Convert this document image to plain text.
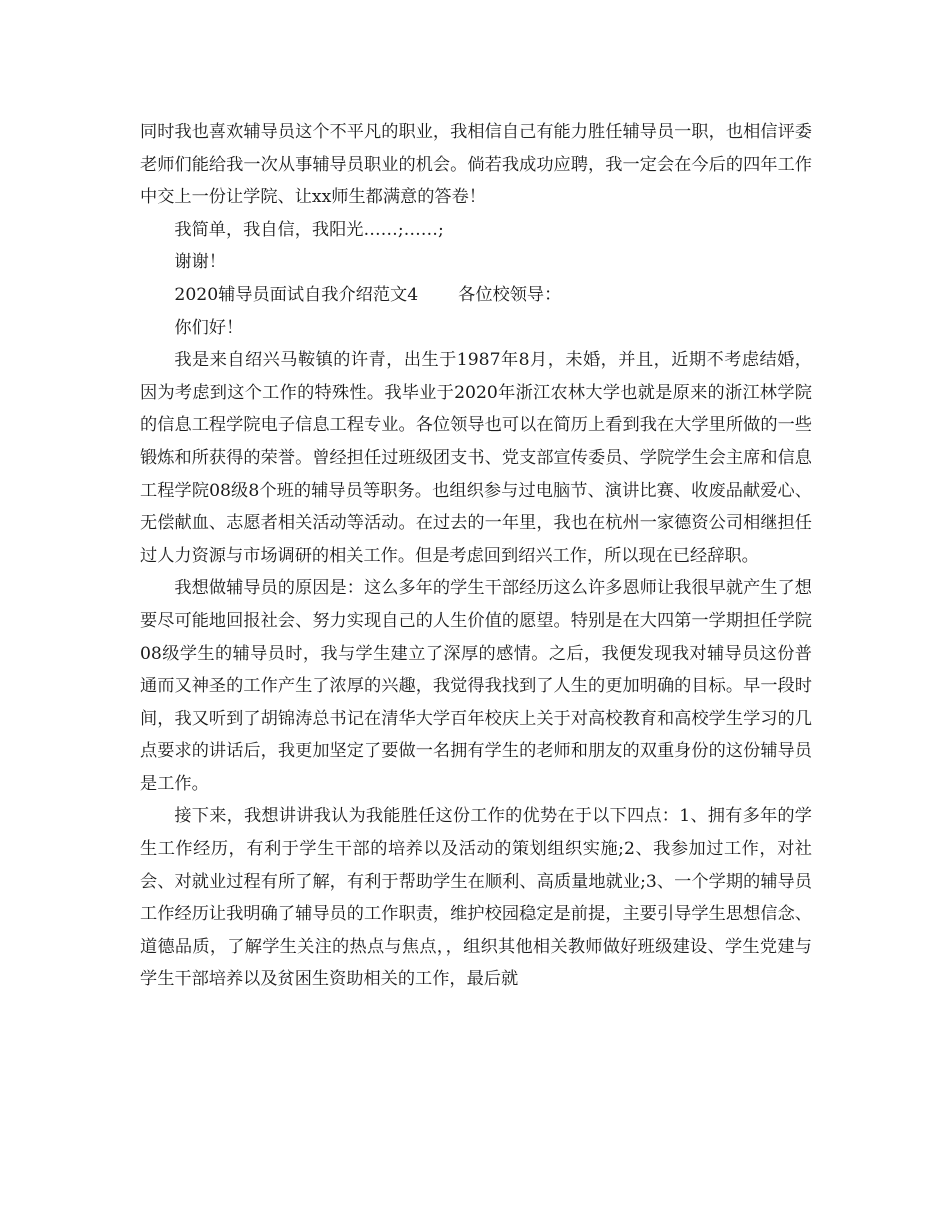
同时我也喜欢辅导员这个不平凡的职业，我相信自己有能力胜任辅导员一职，也相信评委老师们能给我一次从事辅导员职业的机会。倘若我成功应聘，我一定会在今后的四年工作中交上一份让学院、让xx师生都满意的答卷！

我简单，我自信，我阳光……;……;

谢谢！

2020辅导员面试自我介绍范文4 各位校领导：

你们好！

我是来自绍兴马鞍镇的许青，出生于1987年8月，未婚，并且，近期不考虑结婚，因为考虑到这个工作的特殊性。我毕业于2020年浙江农林大学也就是原来的浙江林学院的信息工程学院电子信息工程专业。各位领导也可以在简历上看到我在大学里所做的一些锻炼和所获得的荣誉。曾经担任过班级团支书、党支部宣传委员、学院学生会主席和信息工程学院08级8个班的辅导员等职务。也组织参与过电脑节、演讲比赛、收废品献爱心、无偿献血、志愿者相关活动等活动。在过去的一年里，我也在杭州一家德资公司相继担任过人力资源与市场调研的相关工作。但是考虑回到绍兴工作，所以现在已经辞职。

我想做辅导员的原因是：这么多年的学生干部经历这么许多恩师让我很早就产生了想要尽可能地回报社会、努力实现自己的人生价值的愿望。特别是在大四第一学期担任学院08级学生的辅导员时，我与学生建立了深厚的感情。之后，我便发现我对辅导员这份普通而又神圣的工作产生了浓厚的兴趣，我觉得我找到了人生的更加明确的目标。早一段时间，我又听到了胡锦涛总书记在清华大学百年校庆上关于对高校教育和高校学生学习的几点要求的讲话后，我更加坚定了要做一名拥有学生的老师和朋友的双重身份的这份辅导员是工作。

接下来，我想讲讲我认为我能胜任这份工作的优势在于以下四点：1、拥有多年的学生工作经历，有利于学生干部的培养以及活动的策划组织实施;2、我参加过工作，对社会、对就业过程有所了解，有利于帮助学生在顺利、高质量地就业;3、一个学期的辅导员工作经历让我明确了辅导员的工作职责，维护校园稳定是前提，主要引导学生思想信念、道德品质，了解学生关注的热点与焦点，，组织其他相关教师做好班级建设、学生党建与学生干部培养以及贫困生资助相关的工作，最后就
